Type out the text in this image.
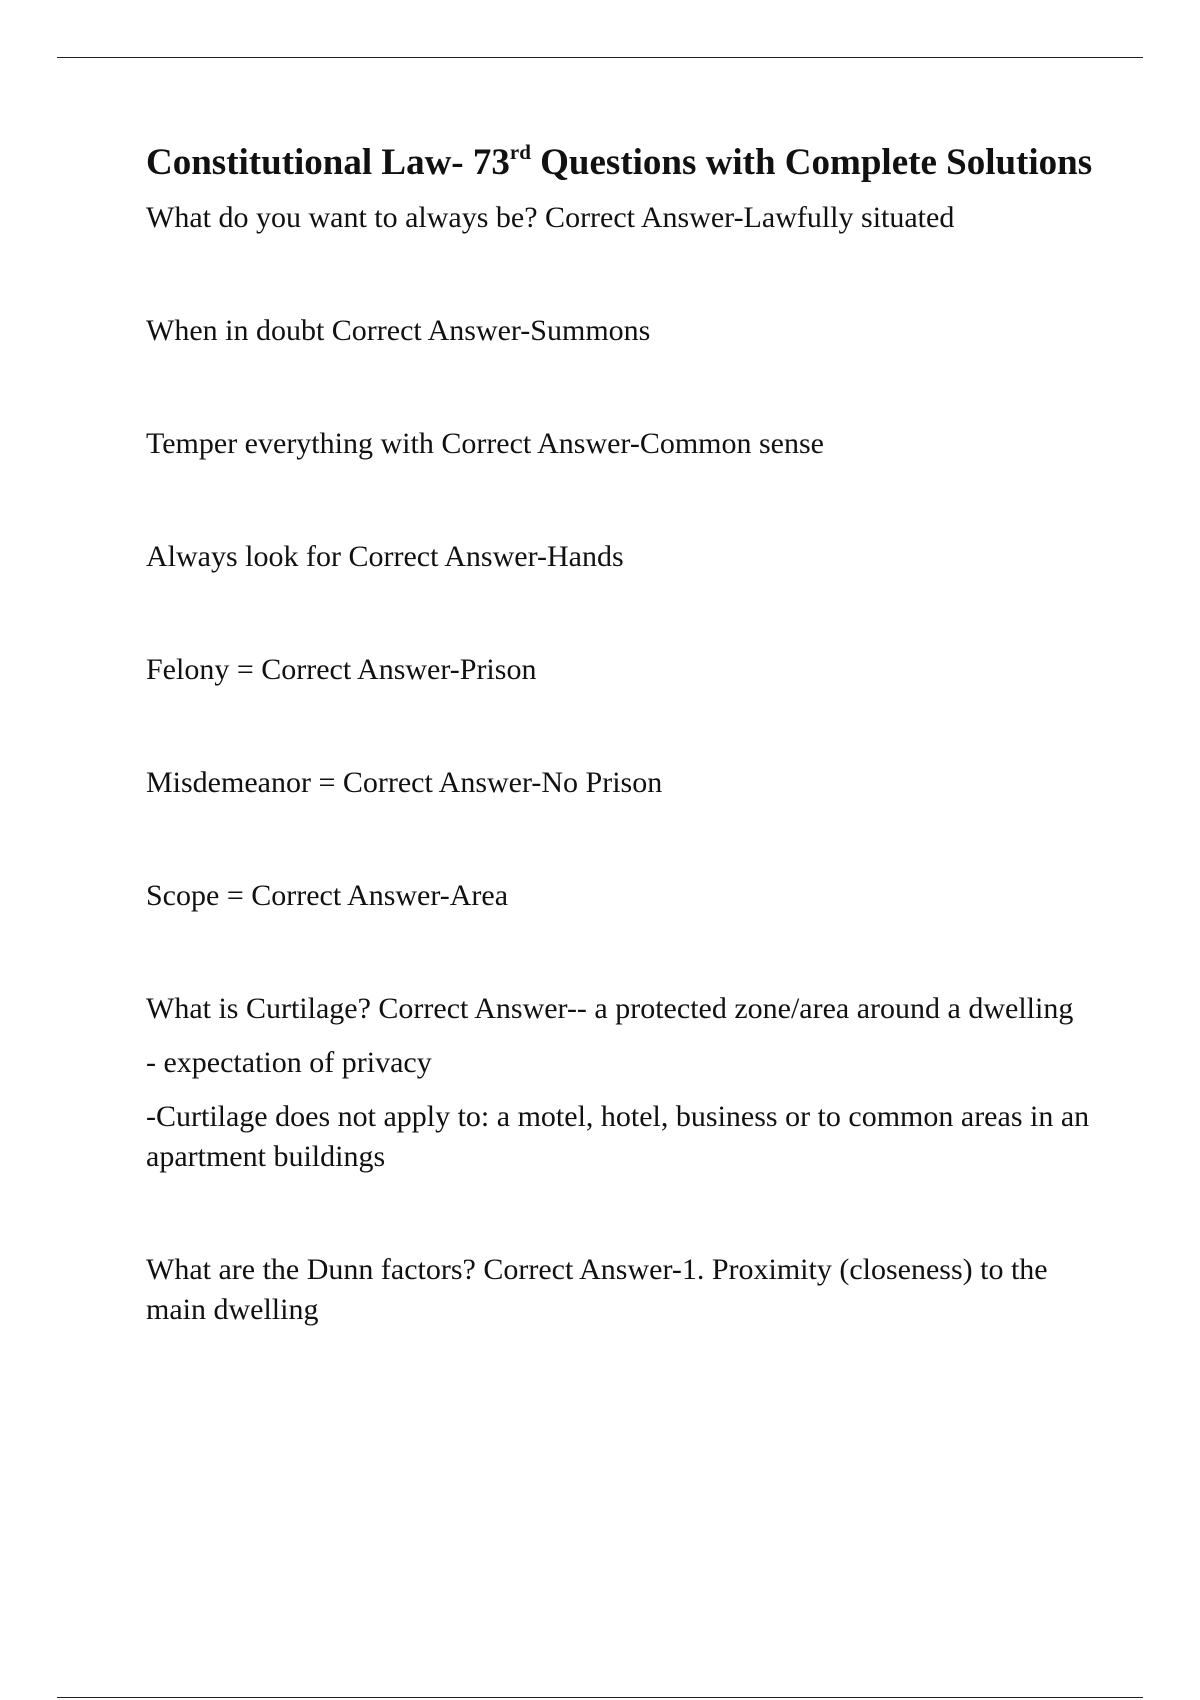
Constitutional Law- 73rd Questions with Complete Solutions

What do you want to always be? Correct Answer-Lawfully situated

When in doubt Correct Answer-Summons

Temper everything with Correct Answer-Common sense

Always look for Correct Answer-Hands

Felony = Correct Answer-Prison

Misdemeanor = Correct Answer-No Prison

Scope = Correct Answer-Area

What is Curtilage? Correct Answer-- a protected zone/area around a dwelling

- expectation of privacy

-Curtilage does not apply to: a motel, hotel, business or to common areas in an apartment buildings

What are the Dunn factors? Correct Answer-1. Proximity (closeness) to the main dwelling
